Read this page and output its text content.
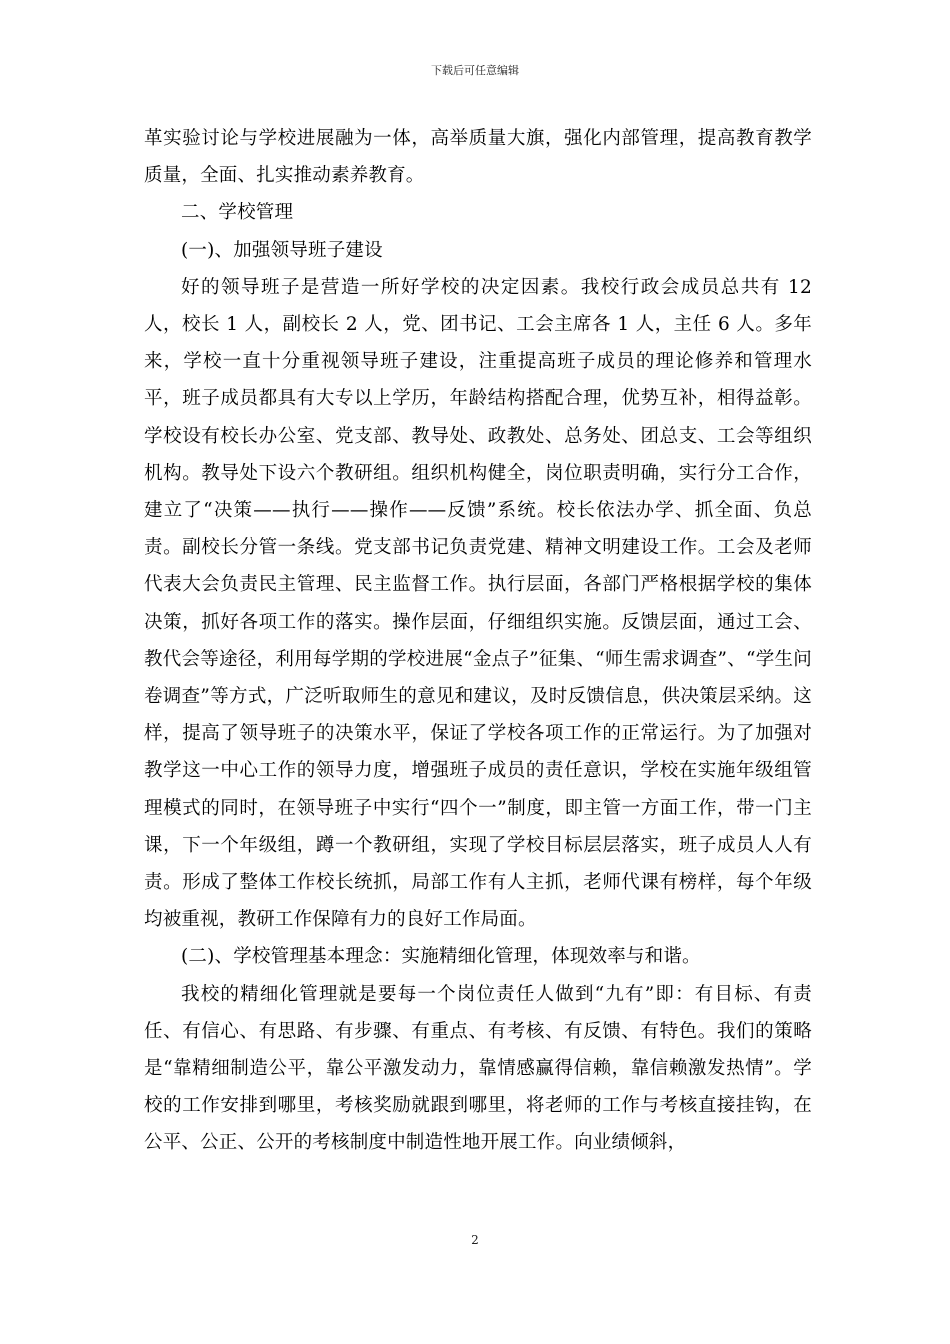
下载后可任意编辑

革实验讨论与学校进展融为一体，高举质量大旗，强化内部管理，提高教育教学质量，全面、扎实推动素养教育。

二、学校管理

(一)、加强领导班子建设

好的领导班子是营造一所好学校的决定因素。我校行政会成员总共有 12 人，校长 1 人，副校长 2 人，党、团书记、工会主席各 1 人，主任 6 人。多年来，学校一直十分重视领导班子建设，注重提高班子成员的理论修养和管理水平，班子成员都具有大专以上学历，年龄结构搭配合理，优势互补，相得益彰。学校设有校长办公室、党支部、教导处、政教处、总务处、团总支、工会等组织机构。教导处下设六个教研组。组织机构健全，岗位职责明确，实行分工合作，建立了“决策——执行——操作——反馈”系统。校长依法办学、抓全面、负总责。副校长分管一条线。党支部书记负责党建、精神文明建设工作。工会及老师代表大会负责民主管理、民主监督工作。执行层面，各部门严格根据学校的集体决策，抓好各项工作的落实。操作层面，仔细组织实施。反馈层面，通过工会、教代会等途径，利用每学期的学校进展“金点子”征集、“师生需求调查”、“学生问卷调查”等方式，广泛听取师生的意见和建议，及时反馈信息，供决策层采纳。这样，提高了领导班子的决策水平，保证了学校各项工作的正常运行。为了加强对教学这一中心工作的领导力度，增强班子成员的责任意识，学校在实施年级组管理模式的同时，在领导班子中实行“四个一”制度，即主管一方面工作，带一门主课，下一个年级组，蹲一个教研组，实现了学校目标层层落实，班子成员人人有责。形成了整体工作校长统抓，局部工作有人主抓，老师代课有榜样，每个年级均被重视，教研工作保障有力的良好工作局面。

(二)、学校管理基本理念：实施精细化管理，体现效率与和谐。

我校的精细化管理就是要每一个岗位责任人做到“九有”即：有目标、有责任、有信心、有思路、有步骤、有重点、有考核、有反馈、有特色。我们的策略是“靠精细制造公平，靠公平激发动力，靠情感赢得信赖，靠信赖激发热情”。学校的工作安排到哪里，考核奖励就跟到哪里，将老师的工作与考核直接挂钩，在公平、公正、公开的考核制度中制造性地开展工作。向业绩倾斜，

2
